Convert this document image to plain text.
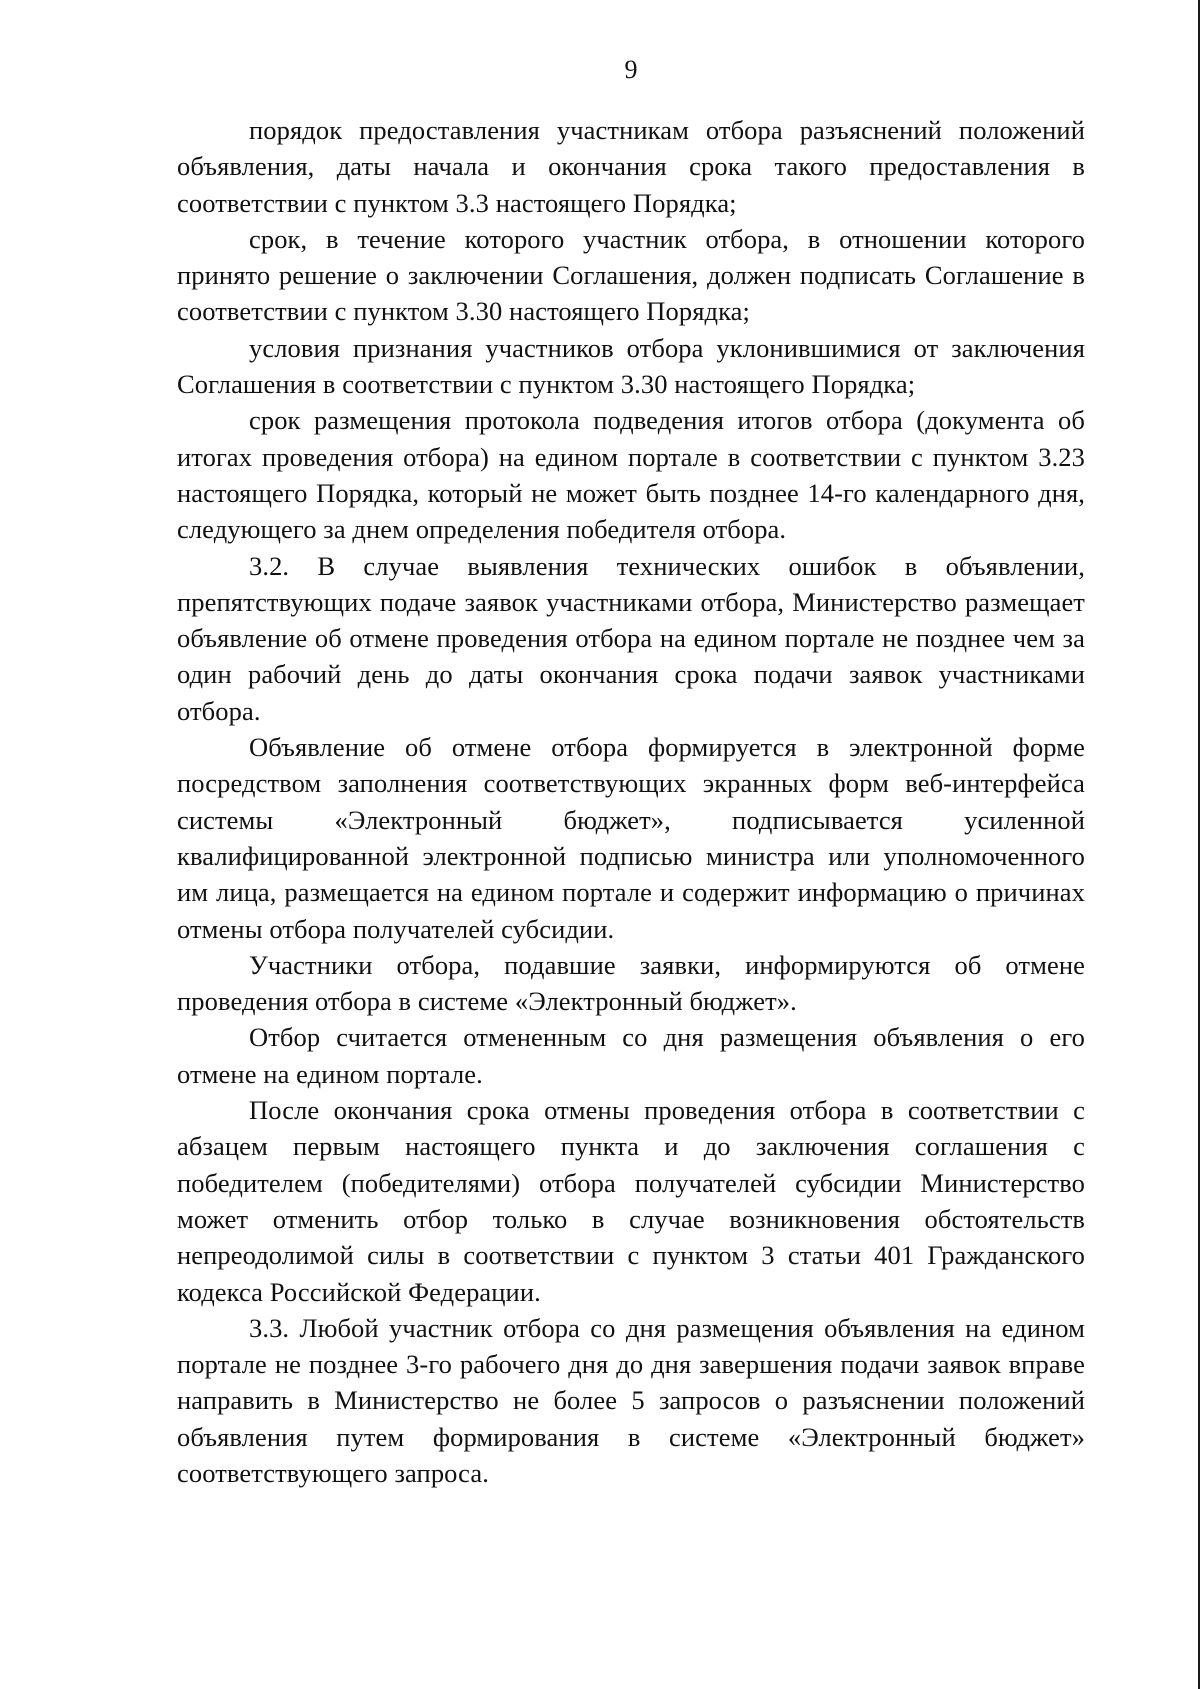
9

порядок предоставления участникам отбора разъяснений положений объявления, даты начала и окончания срока такого предоставления в соответствии с пунктом 3.3 настоящего Порядка;

срок, в течение которого участник отбора, в отношении которого принято решение о заключении Соглашения, должен подписать Соглашение в соответствии с пунктом 3.30 настоящего Порядка;

условия признания участников отбора уклонившимися от заключения Соглашения в соответствии с пунктом 3.30 настоящего Порядка;

срок размещения протокола подведения итогов отбора (документа об итогах проведения отбора) на едином портале в соответствии с пунктом 3.23 настоящего Порядка, который не может быть позднее 14-го календарного дня, следующего за днем определения победителя отбора.

3.2. В случае выявления технических ошибок в объявлении, препятствующих подаче заявок участниками отбора, Министерство размещает объявление об отмене проведения отбора на едином портале не позднее чем за один рабочий день до даты окончания срока подачи заявок участниками отбора.

Объявление об отмене отбора формируется в электронной форме посредством заполнения соответствующих экранных форм веб-интерфейса системы «Электронный бюджет», подписывается усиленной квалифицированной электронной подписью министра или уполномоченного им лица, размещается на едином портале и содержит информацию о причинах отмены отбора получателей субсидии.

Участники отбора, подавшие заявки, информируются об отмене проведения отбора в системе «Электронный бюджет».

Отбор считается отмененным со дня размещения объявления о его отмене на едином портале.

После окончания срока отмены проведения отбора в соответствии с абзацем первым настоящего пункта и до заключения соглашения с победителем (победителями) отбора получателей субсидии Министерство может отменить отбор только в случае возникновения обстоятельств непреодолимой силы в соответствии с пунктом 3 статьи 401 Гражданского кодекса Российской Федерации.

3.3. Любой участник отбора со дня размещения объявления на едином портале не позднее 3-го рабочего дня до дня завершения подачи заявок вправе направить в Министерство не более 5 запросов о разъяснении положений объявления путем формирования в системе «Электронный бюджет» соответствующего запроса.
